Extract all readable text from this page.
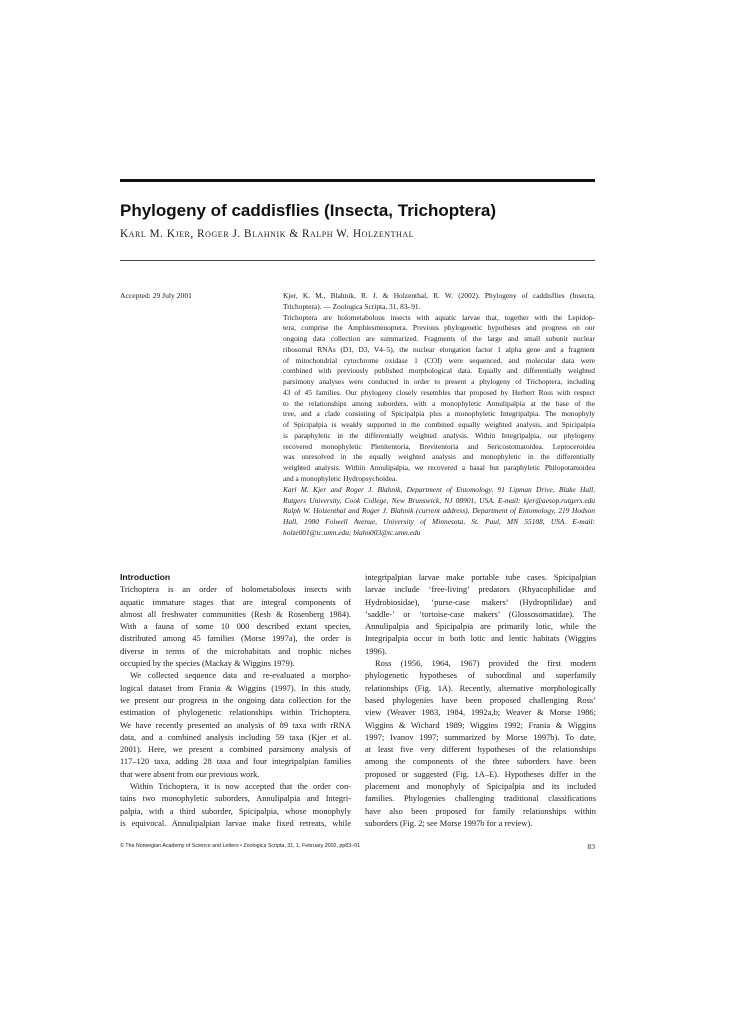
Phylogeny of caddisflies (Insecta, Trichoptera)
Karl M. Kjer, Roger J. Blahnik & Ralph W. Holzenthal
Accepted: 29 July 2001	Kjer, K. M., Blahnik, R. J. & Holzenthal, R. W. (2002). Phylogeny of caddisflies (Insecta,
Trichoptera). — Zoologica Scripta, 31, 83–91.
Trichoptera are holometabolous insects with aquatic larvae that, together with the Lepidop-
tera, comprise the Amphiesmenoptera. Previous phylogenetic hypotheses and progress on our
ongoing data collection are summarized. Fragments of the large and small subunit nuclear
ribosomal RNAs (D1, D3, V4–5), the nuclear elongation factor 1 alpha gene and a fragment
of mitochondrial cytochrome oxidase 1 (COI) were sequenced, and molecular data were
combined with previously published morphological data. Equally and differentially weighted
parsimony analyses were conducted in order to present a phylogeny of Trichoptera, including
43 of 45 families. Our phylogeny closely resembles that proposed by Herbert Ross with respect
to the relationships among suborders, with a monophyletic Annulipalpia at the base of the
tree, and a clade consisting of Spicipalpia plus a monophyletic Integripalpia. The monophyly
of Spicipalpia is weakly supported in the combined equally weighted analysis, and Spicipalpia
is paraphyletic in the differentially weighted analysis. Within Integripalpia, our phylogeny
recovered monophyletic Plenitentoria, Brevitentoria and Sericostomatoidea. Leptoceroidea
was unresolved in the equally weighted analysis and monophyletic in the differentially
weighted analysis. Within Annulipalpia, we recovered a basal but paraphyletic Philopotamoidea
and a monophyletic Hydropsychoidea.
Karl M. Kjer and Roger J. Blahnik, Department of Entomology, 91 Lipman Drive, Blake Hall,
Rutgers University, Cook College, New Brunswick, NJ 08901, USA. E-mail: kjer@aesop.rutgers.edu
Ralph W. Holzenthal and Roger J. Blahnik (current address), Department of Entomology, 219 Hodson
Hall, 1980 Folwell Avenue, University of Minnesota, St. Paul, MN 55108, USA. E-mail:
holze001@tc.umn.edu; blahn003@tc.umn.edu
Introduction
Trichoptera is an order of holometabolous insects with
aquatic immature stages that are integral components of
almost all freshwater communities (Resh & Rosenberg 1984).
With a fauna of some 10 000 described extant species,
distributed among 45 families (Morse 1997a), the order is
diverse in terms of the microhabitats and trophic niches
occupied by the species (Mackay & Wiggins 1979).
We collected sequence data and re-evaluated a morpho-
logical dataset from Frania & Wiggins (1997). In this study,
we present our progress in the ongoing data collection for the
estimation of phylogenetic relationships within Trichoptera.
We have recently presented an analysis of 89 taxa with rRNA
data, and a combined analysis including 59 taxa (Kjer et al.
2001). Here, we present a combined parsimony analysis of
117–120 taxa, adding 28 taxa and four integripalpian families
that were absent from our previous work.
Within Trichoptera, it is now accepted that the order con-
tains two monophyletic suborders, Annulipalpia and Integri-
palpia, with a third suborder, Spicipalpia, whose monophyly
is equivocal. Annulipalpian larvae make fixed retreats, while
integripalpian larvae make portable tube cases. Spicipalpian
larvae include ‘free-living’ predators (Rhyacophilidae and
Hydrobiosidae), ‘purse-case makers’ (Hydroptilidae) and
‘saddle-’ or ‘tortoise-case makers’ (Glossosomatidae). The
Annulipalpia and Spicipalpia are primarily lotic, while the
Integripalpia occur in both lotic and lentic habitats (Wiggins
1996).
Ross (1956, 1964, 1967) provided the first modern
phylogenetic hypotheses of subordinal and superfamily
relationships (Fig. 1A). Recently, alternative morphologically
based phylogenies have been proposed challenging Ross’
view (Weaver 1983, 1984, 1992a,b; Weaver & Morse 1986;
Wiggins & Wichard 1989; Wiggins 1992; Frania & Wiggins
1997; Ivanov 1997; summarized by Morse 1997b). To date,
at least five very different hypotheses of the relationships
among the components of the three suborders have been
proposed or suggested (Fig. 1A–E). Hypotheses differ in the
placement and monophyly of Spicipalpia and its included
families. Phylogenies challenging traditional classifications
have also been proposed for family relationships within
suborders (Fig. 2; see Morse 1997b for a review).
© The Norwegian Academy of Science and Letters • Zoologica Scripta, 31, 1, February 2002, pp83–91	83
